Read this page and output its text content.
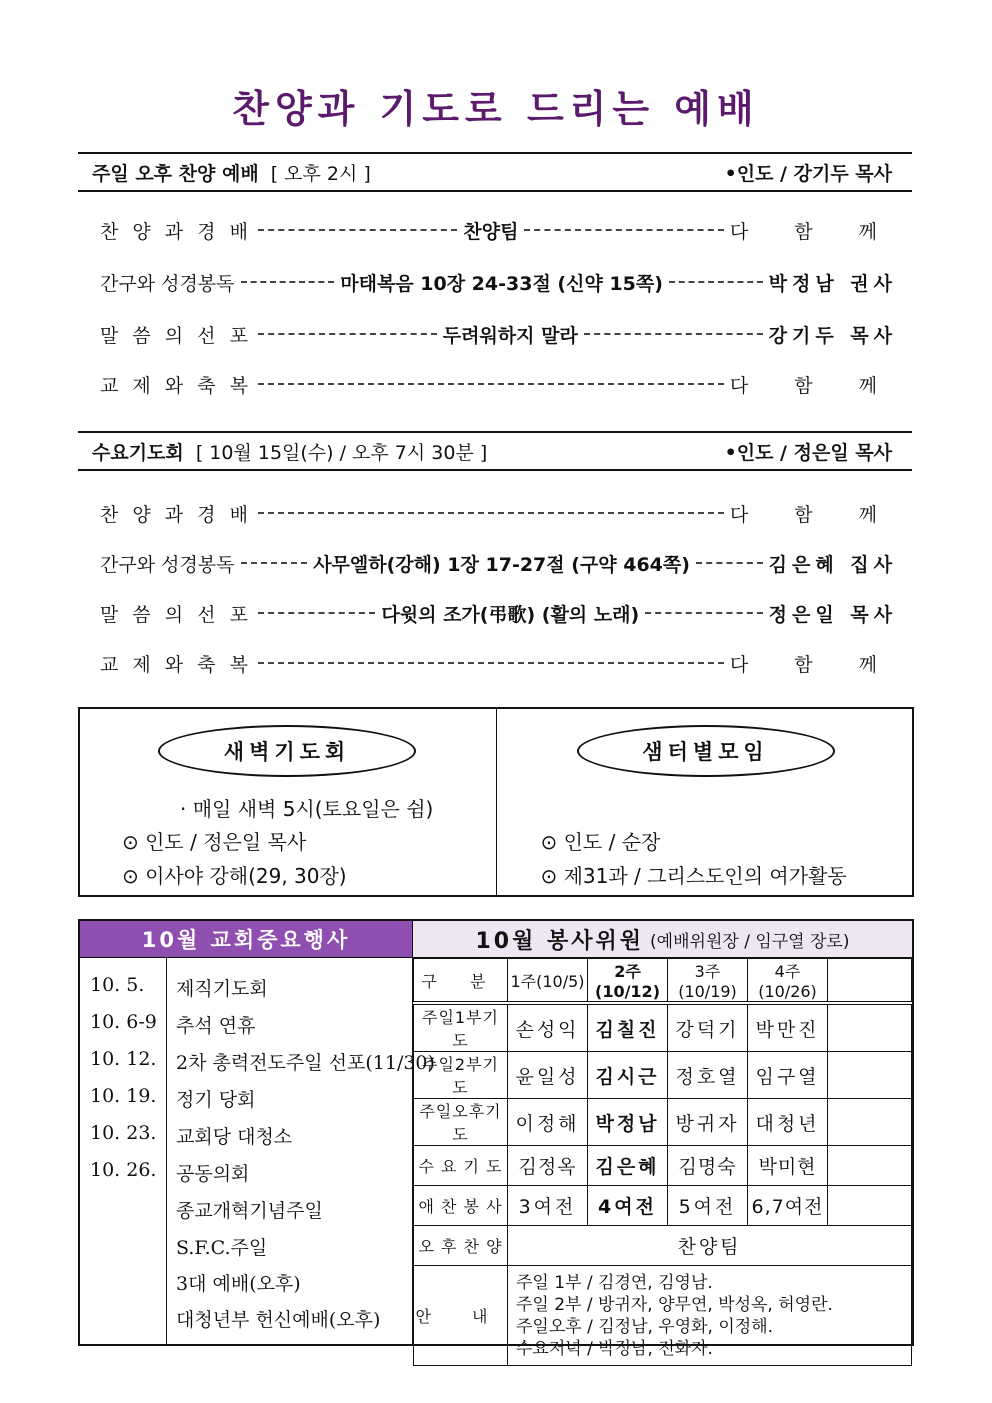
찬양과 기도로 드리는 예배
주일 오후 찬양 예배 [ 오후 2시 ]	•인도 / 강기두 목사
찬 양 과 경 배	찬양팀	다 함 께
간구와 성경봉독	마태복음 10장 24-33절 (신약 15쪽)	박정남 권사
말 씀 의 선 포	두려워하지 말라	강기두 목사
교 제 와 축 복	다 함 께
수요기도회 [ 10월 15일(수) / 오후 7시 30분 ]	•인도 / 정은일 목사
찬 양 과 경 배	다 함 께
간구와 성경봉독	사무엘하(강해) 1장 17-27절 (구약 464쪽)	김은혜 집사
말 씀 의 선 포	다윗의 조가(弔歌) (활의 노래)	정은일 목사
교 제 와 축 복	다 함 께
새벽기도회
· 매일 새벽 5시(토요일은 쉼)
⊙ 인도 / 정은일 목사
⊙ 이사야 강해(29, 30장)
샘터별모임
⊙ 인도 / 순장
⊙ 제31과 / 그리스도인의 여가활동
10월 교회중요행사
10. 5. 제직기도회
10. 6-9 추석 연휴
10. 12. 2차 총력전도주일 선포(11/30)
10. 19. 정기 당회
10. 23. 교회당 대청소
10. 26. 공동의회
종교개혁기념주일
S.F.C.주일
3대 예배(오후)
대청년부 헌신예배(오후)
10월 봉사위원 (예배위원장 / 임구열 장로)
구 분	1주(10/5)	2주(10/12)	3주(10/19)	4주(10/26)	
주일1부기도	손성익	김칠진	강덕기	박만진	
주일2부기도	윤일성	김시근	정호열	임구열	
주일오후기도	이정해	박정남	방귀자	대청년	
수 요 기 도	김정옥	김은혜	김명숙	박미현	
애 찬 봉 사	3여전	4여전	5여전	6,7여전	
오 후 찬 양	찬양팀				
안 내	주일 1부 / 김경연, 김영남.
주일 2부 / 방귀자, 양무연, 박성옥, 허영란.
주일오후 / 김정남, 우영화, 이정해.
수요저녁 / 박정남, 전화자.				
